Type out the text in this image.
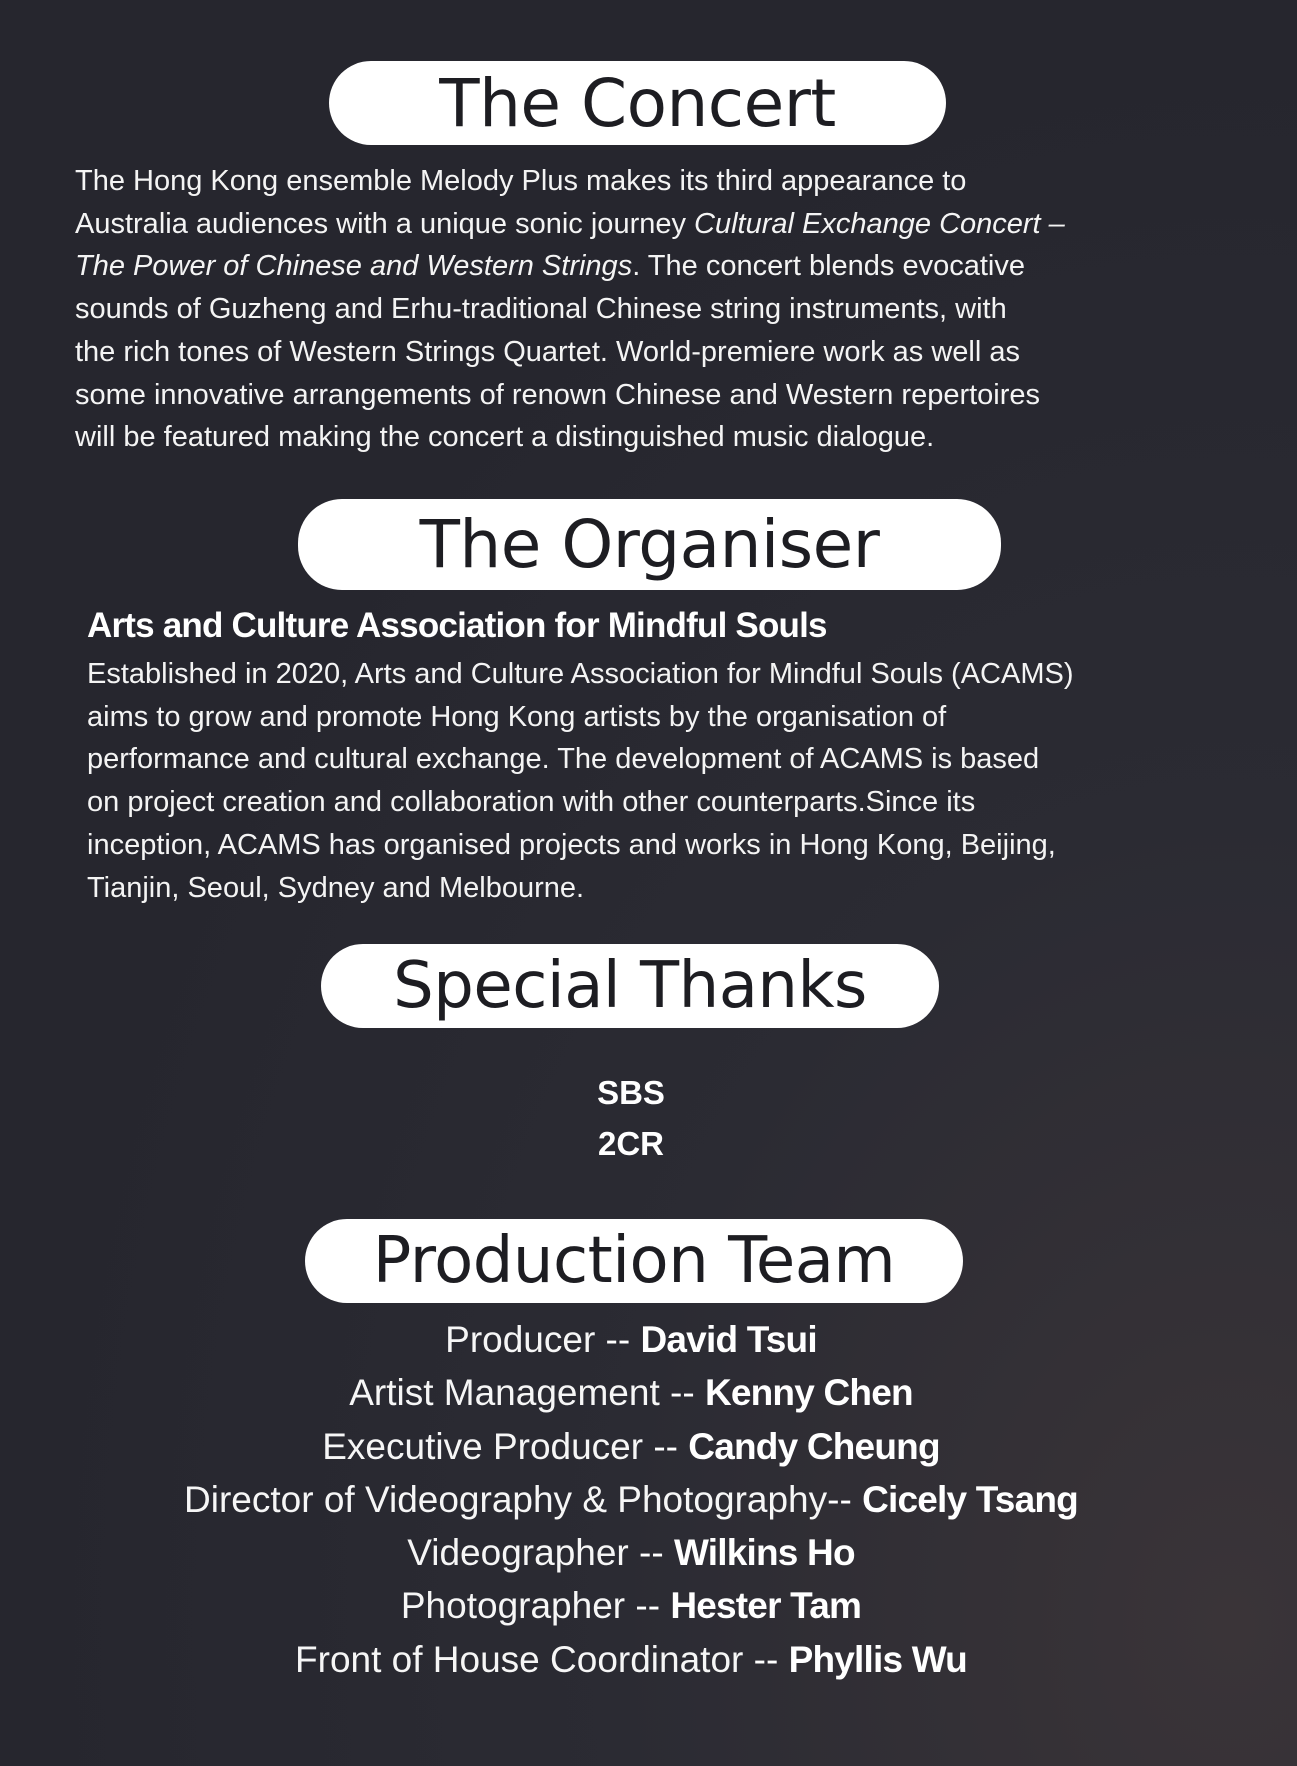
The Concert
The Hong Kong ensemble Melody Plus makes its third appearance to
Australia audiences with a unique sonic journey Cultural Exchange Concert –
The Power of Chinese and Western Strings. The concert blends evocative
sounds of Guzheng and Erhu-traditional Chinese string instruments, with
the rich tones of Western Strings Quartet. World-premiere work as well as
some innovative arrangements of renown Chinese and Western repertoires
will be featured making the concert a distinguished music dialogue.
The Organiser
Arts and Culture Association for Mindful Souls
Established in 2020, Arts and Culture Association for Mindful Souls (ACAMS)
aims to grow and promote Hong Kong artists by the organisation of
performance and cultural exchange. The development of ACAMS is based
on project creation and collaboration with other counterparts.Since its
inception, ACAMS has organised projects and works in Hong Kong, Beijing,
Tianjin, Seoul, Sydney and Melbourne.
Special Thanks
SBS
2CR
Production Team
Producer -- David Tsui
Artist Management -- Kenny Chen
Executive Producer -- Candy Cheung
Director of Videography & Photography-- Cicely Tsang
Videographer -- Wilkins Ho
Photographer -- Hester Tam
Front of House Coordinator -- Phyllis Wu
